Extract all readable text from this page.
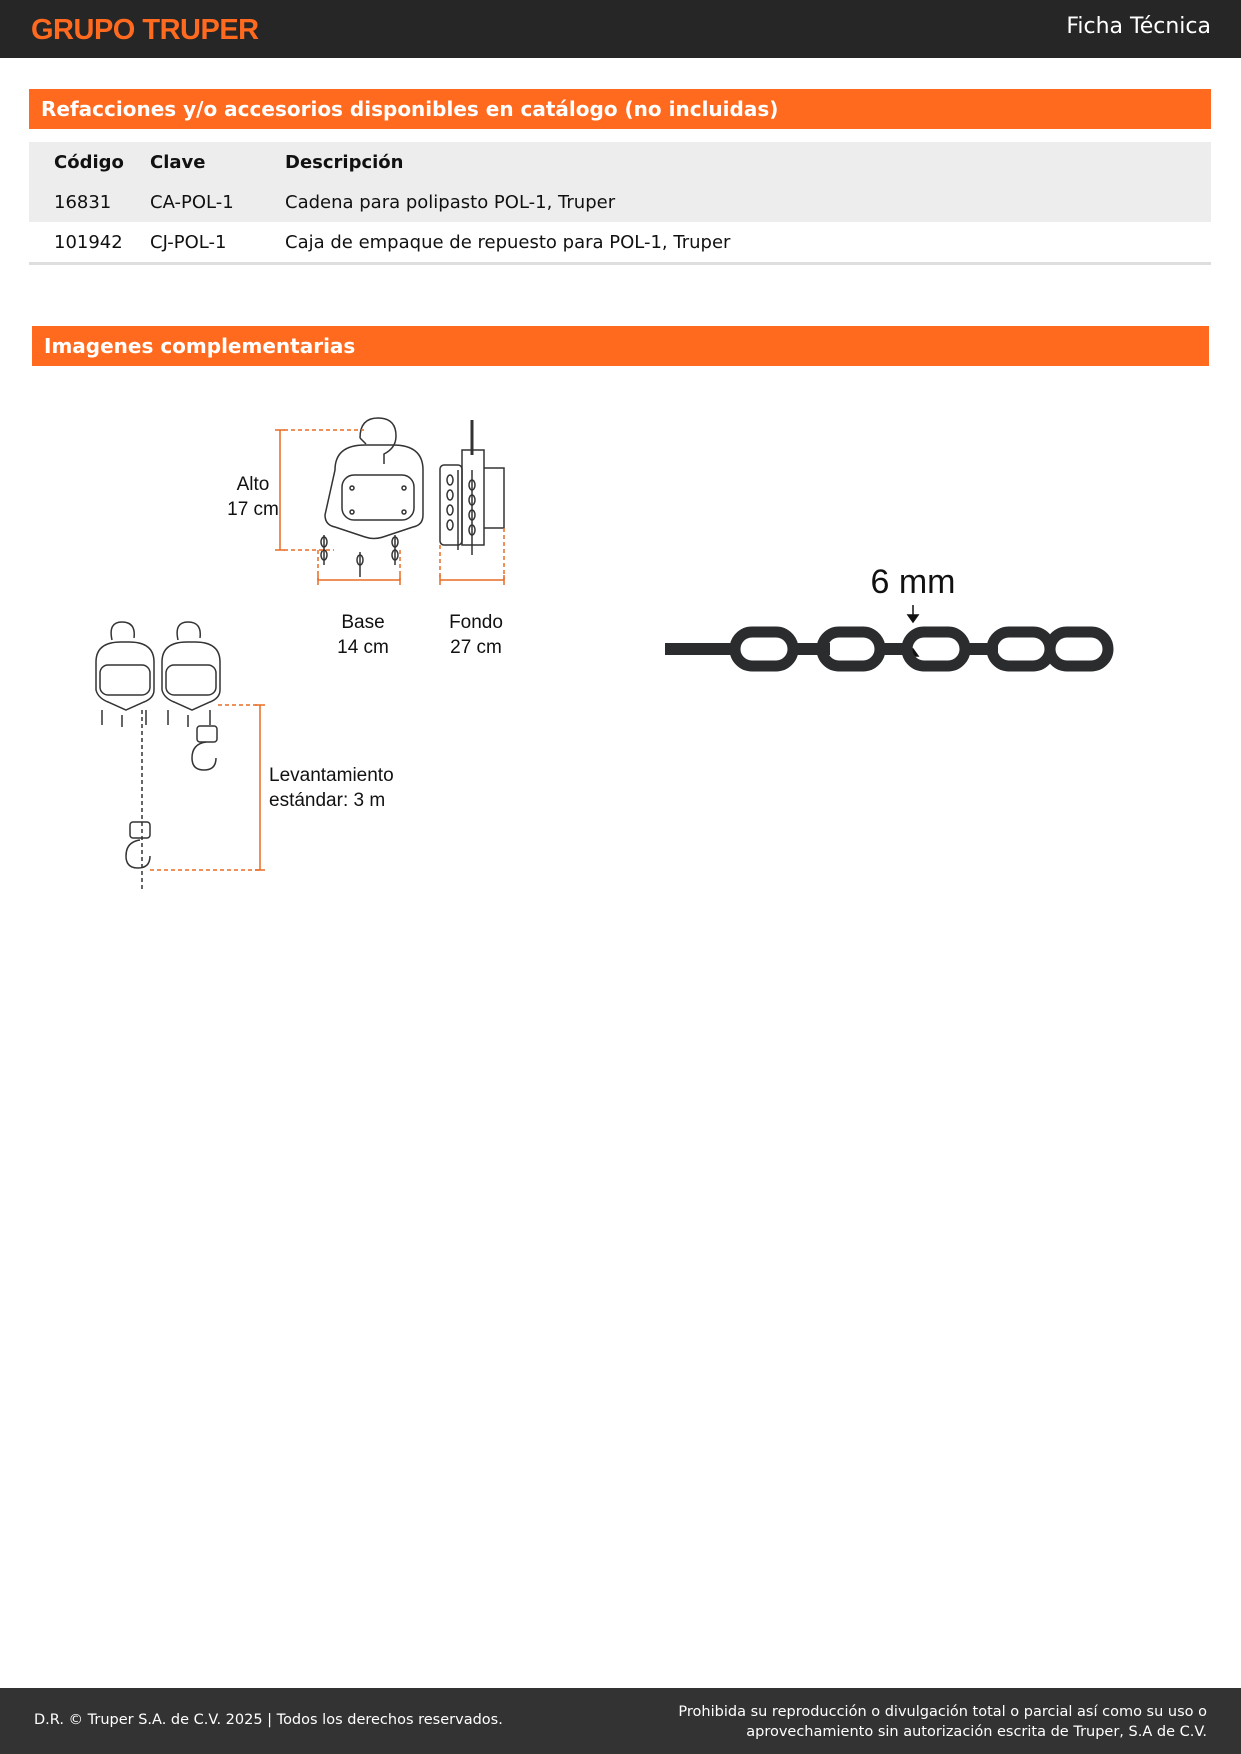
GRUPO TRUPER	Ficha Técnica
Refacciones y/o accesorios disponibles en catálogo (no incluidas)
Código	Clave	Descripción
16831	CA-POL-1	Cadena para polipasto POL-1, Truper
101942	CJ-POL-1	Caja de empaque de repuesto para POL-1, Truper
Imagenes complementarias
Alto
17 cm
Base
14 cm
Fondo
27 cm
Levantamiento
estándar: 3 m
6 mm
D.R. © Truper S.A. de C.V. 2025 | Todos los derechos reservados.	Prohibida su reproducción o divulgación total o parcial así como su uso o
aprovechamiento sin autorización escrita de Truper, S.A de C.V.
